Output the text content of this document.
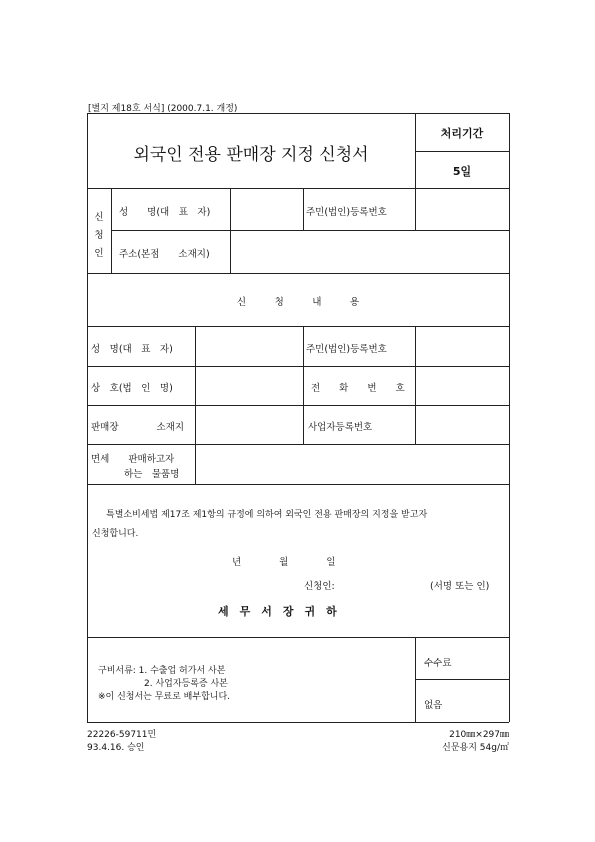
[별지 제18호 서식] (2000.7.1. 개정)
외국인 전용 판매장 지정 신청서
처리기간
5일
신
청
인
성　　명(대　표　자)	주민(법인)등록번호
주소(본점　　소재지)
신　　　청　　　내　　　용
성　명(대　표　자)	주민(법인)등록번호
상　호(법　인　명)	전　　화　　번　　호
판매장　　　　소재지	사업자등록번호
면세　　판매하고자
하는　물품명
특별소비세법 제17조 제1항의 규정에 의하여 외국인 전용 판매장의 지정을 받고자
신청합니다.
년　　　　월　　　　일
신청인:	(서명 또는 인)
세　무　서　장　귀　하
구비서류: 1. 수출업 허가서 사본
2. 사업자등록증 사본
※이 신청서는 무료로 배부합니다.
수수료
없음
22226-59711민
93.4.16. 승인
210㎜×297㎜
신문용지 54g/㎡
